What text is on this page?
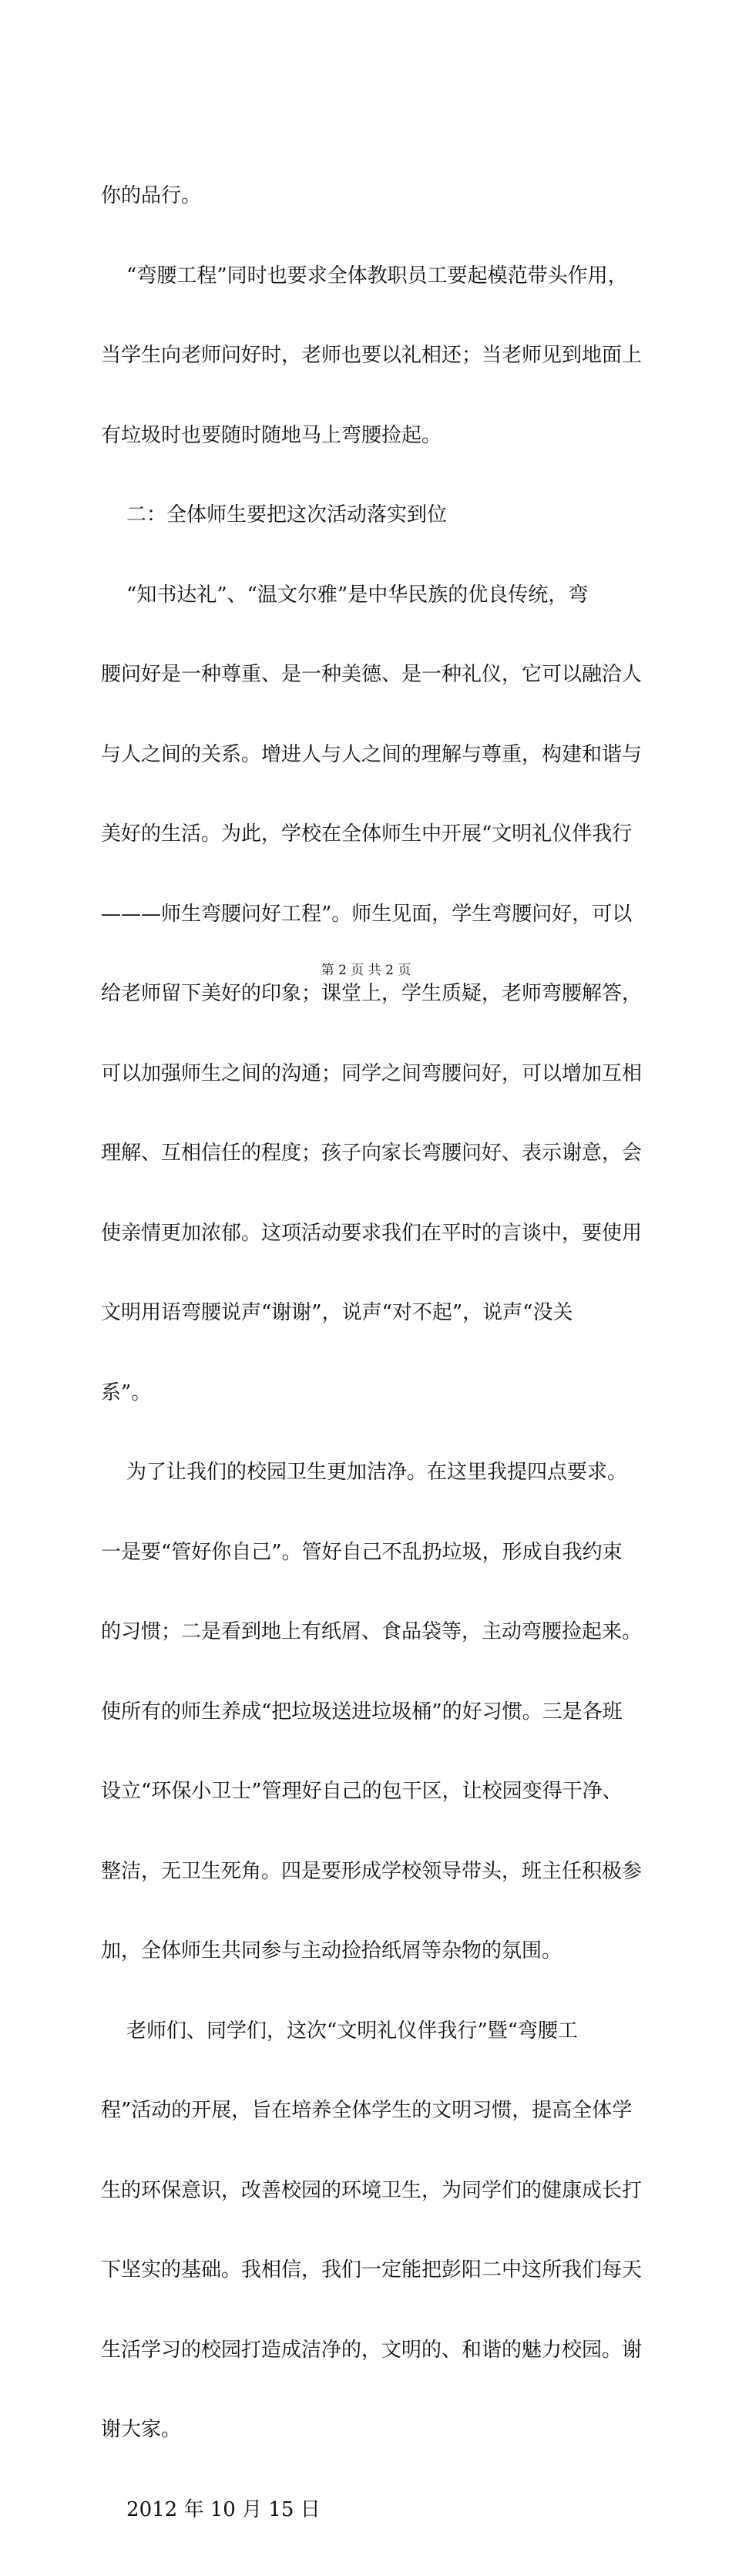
你的品行。

“弯腰工程”同时也要求全体教职员工要起模范带头作用，

当学生向老师问好时，老师也要以礼相还；当老师见到地面上

有垃圾时也要随时随地马上弯腰捡起。

二：全体师生要把这次活动落实到位

“知书达礼”、“温文尔雅”是中华民族的优良传统，弯

腰问好是一种尊重、是一种美德、是一种礼仪，它可以融洽人

与人之间的关系。增进人与人之间的理解与尊重，构建和谐与

美好的生活。为此，学校在全体师生中开展“文明礼仪伴我行

———师生弯腰问好工程”。师生见面，学生弯腰问好，可以

给老师留下美好的印象；课堂上，学生质疑，老师弯腰解答，

可以加强师生之间的沟通；同学之间弯腰问好，可以增加互相

理解、互相信任的程度；孩子向家长弯腰问好、表示谢意，会

使亲情更加浓郁。这项活动要求我们在平时的言谈中，要使用

文明用语弯腰说声“谢谢”，说声“对不起”，说声“没关

系”。

为了让我们的校园卫生更加洁净。在这里我提四点要求。

一是要“管好你自己”。管好自己不乱扔垃圾，形成自我约束

的习惯；二是看到地上有纸屑、食品袋等，主动弯腰捡起来。

使所有的师生养成“把垃圾送进垃圾桶”的好习惯。三是各班

设立“环保小卫士”管理好自己的包干区，让校园变得干净、

整洁，无卫生死角。四是要形成学校领导带头，班主任积极参

加，全体师生共同参与主动捡拾纸屑等杂物的氛围。

老师们、同学们，这次“文明礼仪伴我行”暨“弯腰工

程”活动的开展，旨在培养全体学生的文明习惯，提高全体学

生的环保意识，改善校园的环境卫生，为同学们的健康成长打

下坚实的基础。我相信，我们一定能把彭阳二中这所我们每天

生活学习的校园打造成洁净的，文明的、和谐的魅力校园。谢

谢大家。

2012 年 10 月 15 日

第 2 页 共 2 页
